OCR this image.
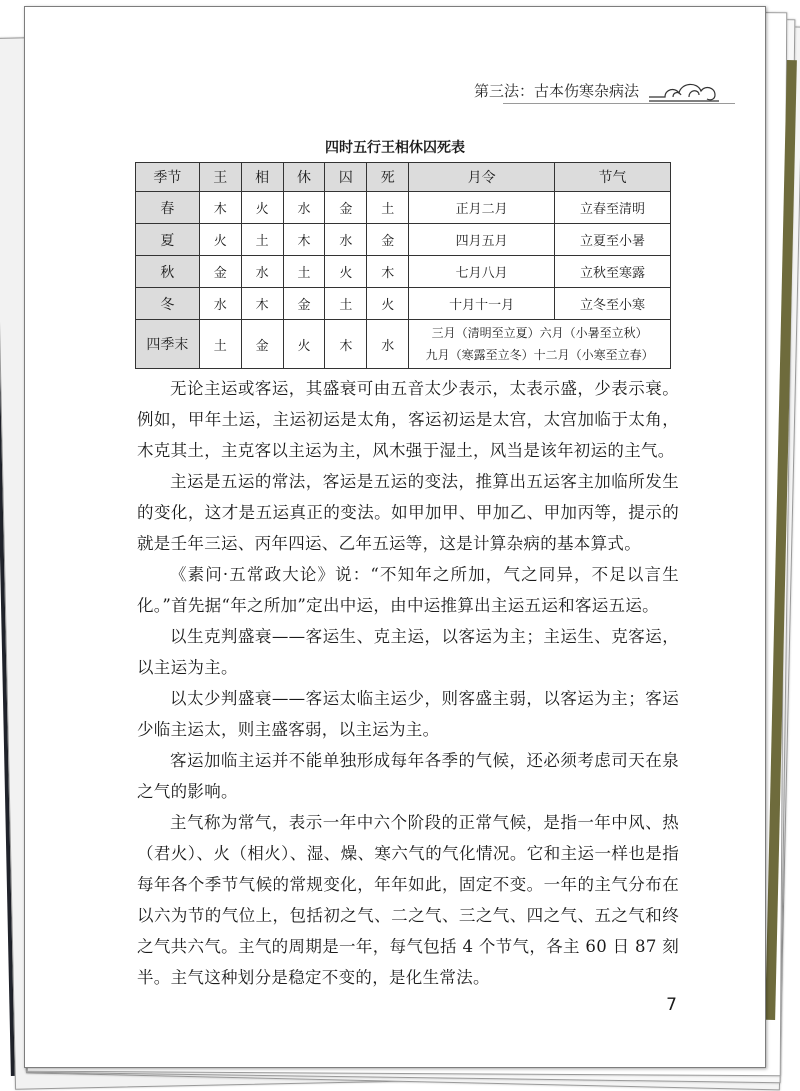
第三法：古本伤寒杂病法
四时五行王相休囚死表
季节	王	相	休	囚	死	月令	节气
春	木	火	水	金	土	正月二月	立春至清明
夏	火	土	木	水	金	四月五月	立夏至小暑
秋	金	水	土	火	木	七月八月	立秋至寒露
冬	水	木	金	土	火	十月十一月	立冬至小寒
四季末	土	金	火	木	水	三月（清明至立夏）六月（小暑至立秋）
九月（寒露至立冬）十二月（小寒至立春）	

无论主运或客运，其盛衰可由五音太少表示，太表示盛，少表示衰。例如，甲年土运，主运初运是太角，客运初运是太宫，太宫加临于太角，木克其土，主克客以主运为主，风木强于湿土，风当是该年初运的主气。

主运是五运的常法，客运是五运的变法，推算出五运客主加临所发生的变化，这才是五运真正的变法。如甲加甲、甲加乙、甲加丙等，提示的就是壬年三运、丙年四运、乙年五运等，这是计算杂病的基本算式。

《素问·五常政大论》说：“不知年之所加，气之同异，不足以言生化。”首先据“年之所加”定出中运，由中运推算出主运五运和客运五运。

以生克判盛衰——客运生、克主运，以客运为主；主运生、克客运，以主运为主。

以太少判盛衰——客运太临主运少，则客盛主弱，以客运为主；客运少临主运太，则主盛客弱，以主运为主。

客运加临主运并不能单独形成每年各季的气候，还必须考虑司天在泉之气的影响。

主气称为常气，表示一年中六个阶段的正常气候，是指一年中风、热（君火）、火（相火）、湿、燥、寒六气的气化情况。它和主运一样也是指每年各个季节气候的常规变化，年年如此，固定不变。一年的主气分布在以六为节的气位上，包括初之气、二之气、三之气、四之气、五之气和终之气共六气。主气的周期是一年，每气包括 4 个节气，各主 60 日 87 刻半。主气这种划分是稳定不变的，是化生常法。

7
